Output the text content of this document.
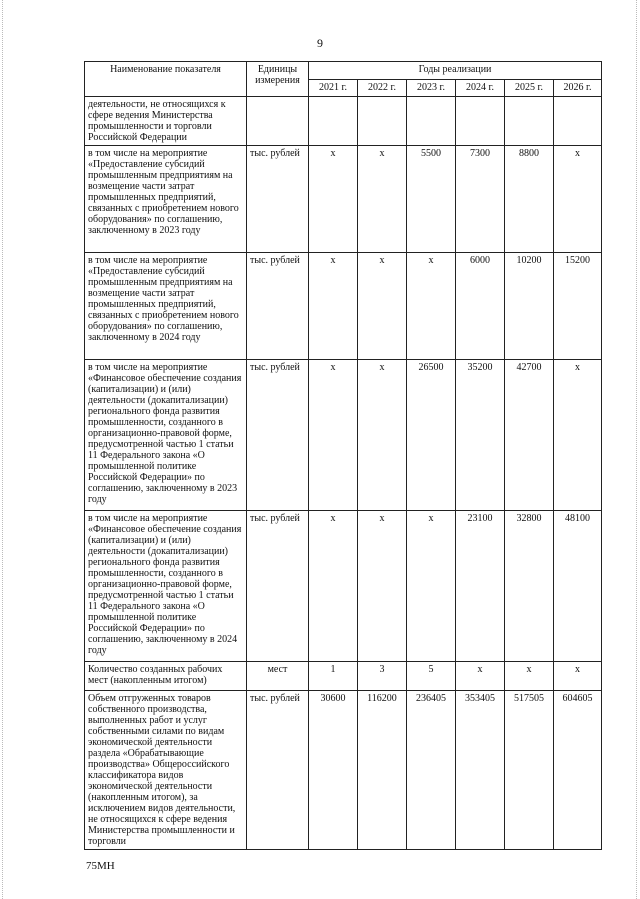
9
Наименование показателя	Единицы измерения	Годы реализации					
		2021 г.	2022 г.	2023 г.	2024 г.	2025 г.	2026 г.
деятельности, не относящихся к сфере ведения Министерства промышленности и торговли Российской Федерации							
в том числе на мероприятие «Предоставление субсидий промышленным предприятиям на возмещение части затрат промышленных предприятий, связанных с приобретением нового оборудования» по соглашению, заключенному в 2023 году	тыс. рублей	x	x	5500	7300	8800	x
в том числе на мероприятие «Предоставление субсидий промышленным предприятиям на возмещение части затрат промышленных предприятий, связанных с приобретением нового оборудования» по соглашению, заключенному в 2024 году	тыс. рублей	x	x	x	6000	10200	15200
в том числе на мероприятие «Финансовое обеспечение создания (капитализации) и (или) деятельности (докапитализации) регионального фонда развития промышленности, созданного в организационно-правовой форме, предусмотренной частью 1 статьи 11 Федерального закона «О промышленной политике Российской Федерации» по соглашению, заключенному в 2023 году	тыс. рублей	x	x	26500	35200	42700	x
в том числе на мероприятие «Финансовое обеспечение создания (капитализации) и (или) деятельности (докапитализации) регионального фонда развития промышленности, созданного в организационно-правовой форме, предусмотренной частью 1 статьи 11 Федерального закона «О промышленной политике Российской Федерации» по соглашению, заключенному в 2024 году	тыс. рублей	x	x	x	23100	32800	48100
Количество созданных рабочих мест (накопленным итогом)	мест	1	3	5	x	x	x
Объем отгруженных товаров собственного производства, выполненных работ и услуг собственными силами по видам экономической деятельности раздела «Обрабатывающие производства» Общероссийского классификатора видов экономической деятельности (накопленным итогом), за исключением видов деятельности, не относящихся к сфере ведения Министерства промышленности и торговли	тыс. рублей	30600	116200	236405	353405	517505	604605
75МН
